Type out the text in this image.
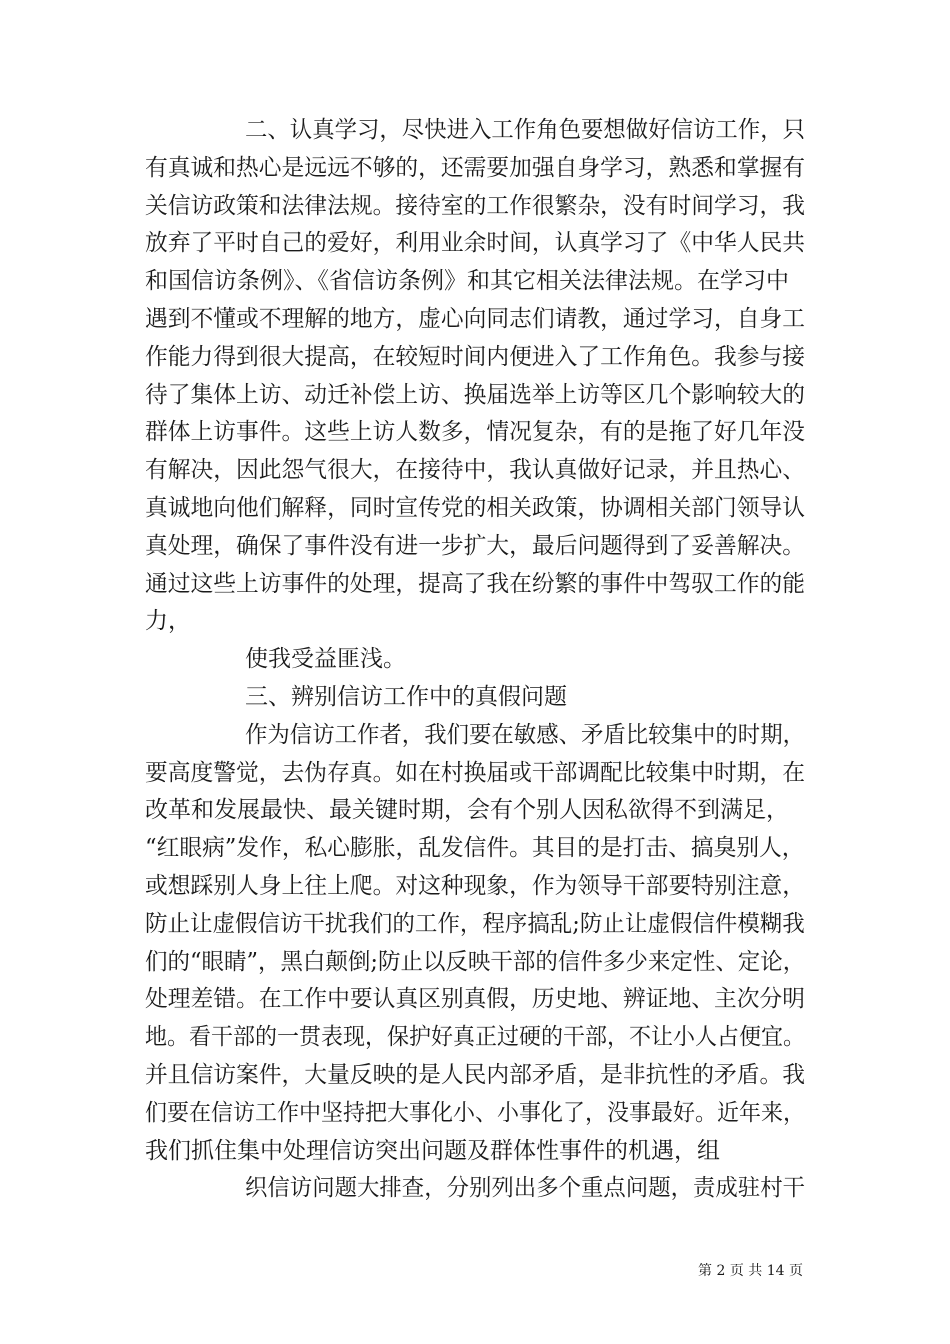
二、认真学习，尽快进入工作角色要想做好信访工作，只
有真诚和热心是远远不够的，还需要加强自身学习，熟悉和掌握有
关信访政策和法律法规。接待室的工作很繁杂，没有时间学习，我
放弃了平时自己的爱好，利用业余时间，认真学习了《中华人民共
和国信访条例》、《省信访条例》和其它相关法律法规。在学习中
遇到不懂或不理解的地方，虚心向同志们请教，通过学习，自身工
作能力得到很大提高，在较短时间内便进入了工作角色。我参与接
待了集体上访、动迁补偿上访、换届选举上访等区几个影响较大的
群体上访事件。这些上访人数多，情况复杂，有的是拖了好几年没
有解决，因此怨气很大，在接待中，我认真做好记录，并且热心、
真诚地向他们解释，同时宣传党的相关政策，协调相关部门领导认
真处理，确保了事件没有进一步扩大，最后问题得到了妥善解决。
通过这些上访事件的处理，提高了我在纷繁的事件中驾驭工作的能
力，
使我受益匪浅。
三、辨别信访工作中的真假问题
作为信访工作者，我们要在敏感、矛盾比较集中的时期，
要高度警觉，去伪存真。如在村换届或干部调配比较集中时期，在
改革和发展最快、最关键时期，会有个别人因私欲得不到满足，
“红眼病”发作，私心膨胀，乱发信件。其目的是打击、搞臭别人，
或想踩别人身上往上爬。对这种现象，作为领导干部要特别注意，
防止让虚假信访干扰我们的工作，程序搞乱;防止让虚假信件模糊我
们的“眼睛”，黑白颠倒;防止以反映干部的信件多少来定性、定论，
处理差错。在工作中要认真区别真假，历史地、辨证地、主次分明
地。看干部的一贯表现，保护好真正过硬的干部，不让小人占便宜。
并且信访案件，大量反映的是人民内部矛盾，是非抗性的矛盾。我
们要在信访工作中坚持把大事化小、小事化了，没事最好。近年来，
我们抓住集中处理信访突出问题及群体性事件的机遇，组
织信访问题大排查，分别列出多个重点问题，责成驻村干
第 2 页 共 14 页
